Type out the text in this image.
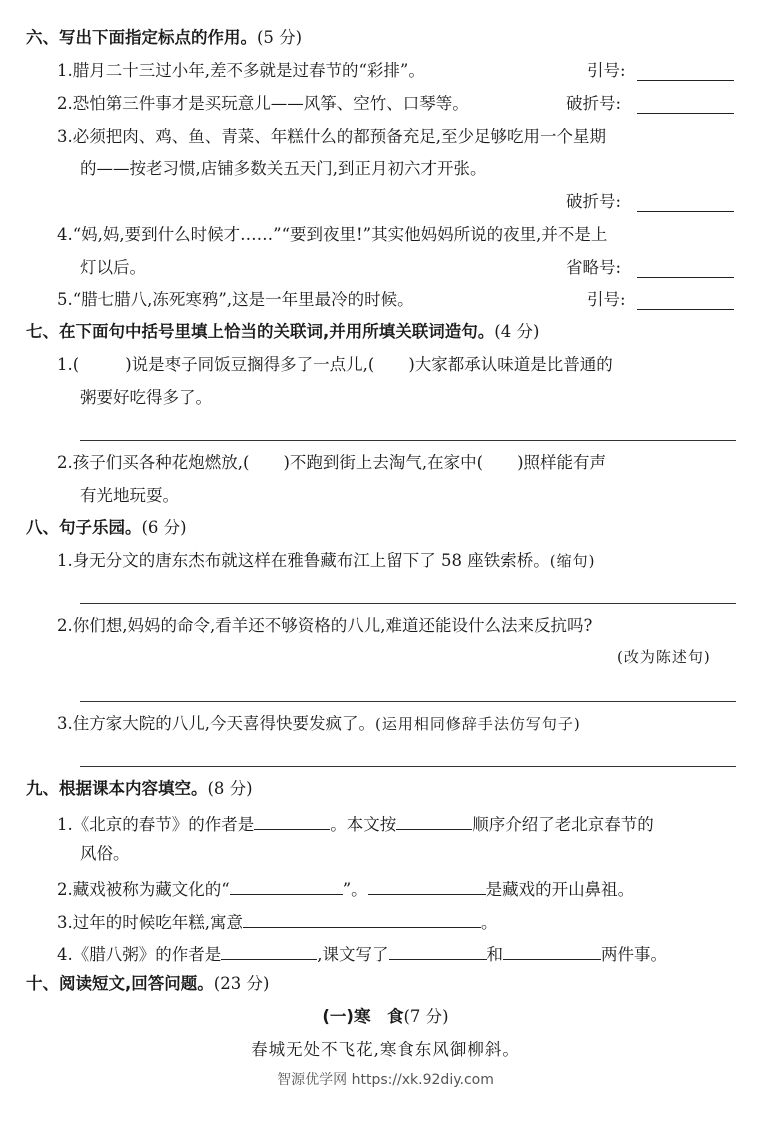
六、写出下面指定标点的作用。(5 分)
1.腊月二十三过小年,差不多就是过春节的“彩排”。	引号:
2.恐怕第三件事才是买玩意儿——风筝、空竹、口琴等。	破折号:
3.必须把肉、鸡、鱼、青菜、年糕什么的都预备充足,至少足够吃用一个星期
的——按老习惯,店铺多数关五天门,到正月初六才开张。
破折号:
4.“妈,妈,要到什么时候才……”“要到夜里!”其实他妈妈所说的夜里,并不是上
灯以后。	省略号:
5.“腊七腊八,冻死寒鸦”,这是一年里最冷的时候。	引号:
七、在下面句中括号里填上恰当的关联词,并用所填关联词造句。(4 分)
1.(	)说是枣子同饭豆搁得多了一点儿,( )大家都承认味道是比普通的
粥要好吃得多了。
2.孩子们买各种花炮燃放,( )不跑到街上去淘气,在家中( )照样能有声
有光地玩耍。
八、句子乐园。(6 分)
1.身无分文的唐东杰布就这样在雅鲁藏布江上留下了 58 座铁索桥。(缩句)
2.你们想,妈妈的命令,看羊还不够资格的八儿,难道还能设什么法来反抗吗?
(改为陈述句)
3.住方家大院的八儿,今天喜得快要发疯了。(运用相同修辞手法仿写句子)
九、根据课本内容填空。(8 分)
1.《北京的春节》的作者是	。本文按	顺序介绍了老北京春节的
风俗。
2.藏戏被称为藏文化的“	”。	是藏戏的开山鼻祖。
3.过年的时候吃年糕,寓意	。
4.《腊八粥》的作者是	,课文写了	和	两件事。
十、阅读短文,回答问题。(23 分)
(一)寒　食(7 分)
春城无处不飞花,寒食东风御柳斜。
智源优学网 https://xk.92diy.com
